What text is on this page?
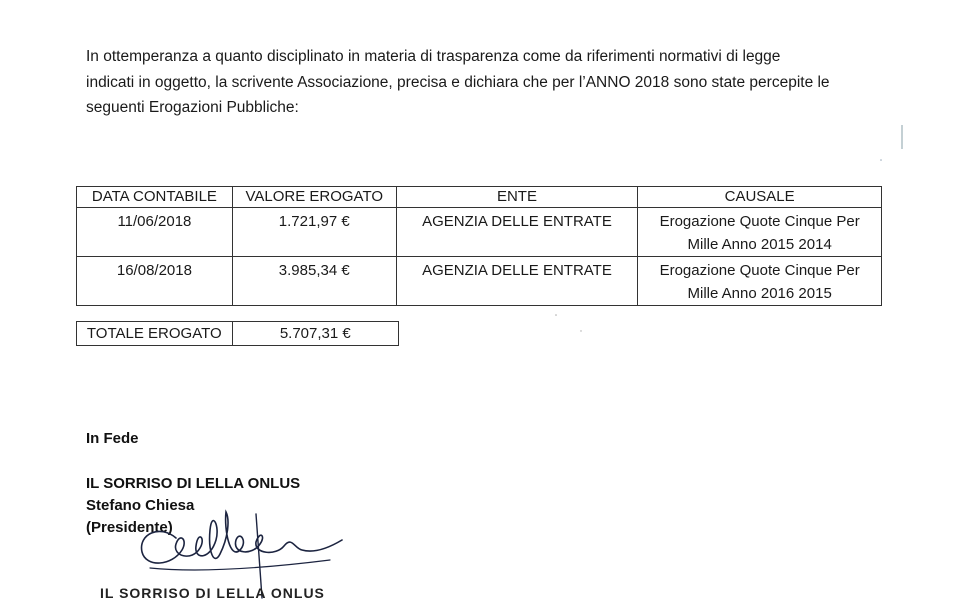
In ottemperanza a quanto disciplinato in materia di trasparenza come da riferimenti normativi di legge

indicati in oggetto, la scrivente Associazione, precisa e dichiara che per l’ANNO 2018 sono state percepite le

seguenti Erogazioni Pubbliche:

DATA CONTABILE	VALORE EROGATO	ENTE	CAUSALE
11/06/2018	1.721,97 €	AGENZIA DELLE ENTRATE	Erogazione Quote Cinque Per
Mille Anno 2015 2014

16/08/2018	3.985,34 €	AGENZIA DELLE ENTRATE	Erogazione Quote Cinque Per
Mille Anno 2016 2015
TOTALE EROGATO	5.707,31 €
In Fede
IL SORRISO DI LELLA ONLUS
Stefano Chiesa
(Presidente)
IL SORRISO DI LELLA ONLUS
